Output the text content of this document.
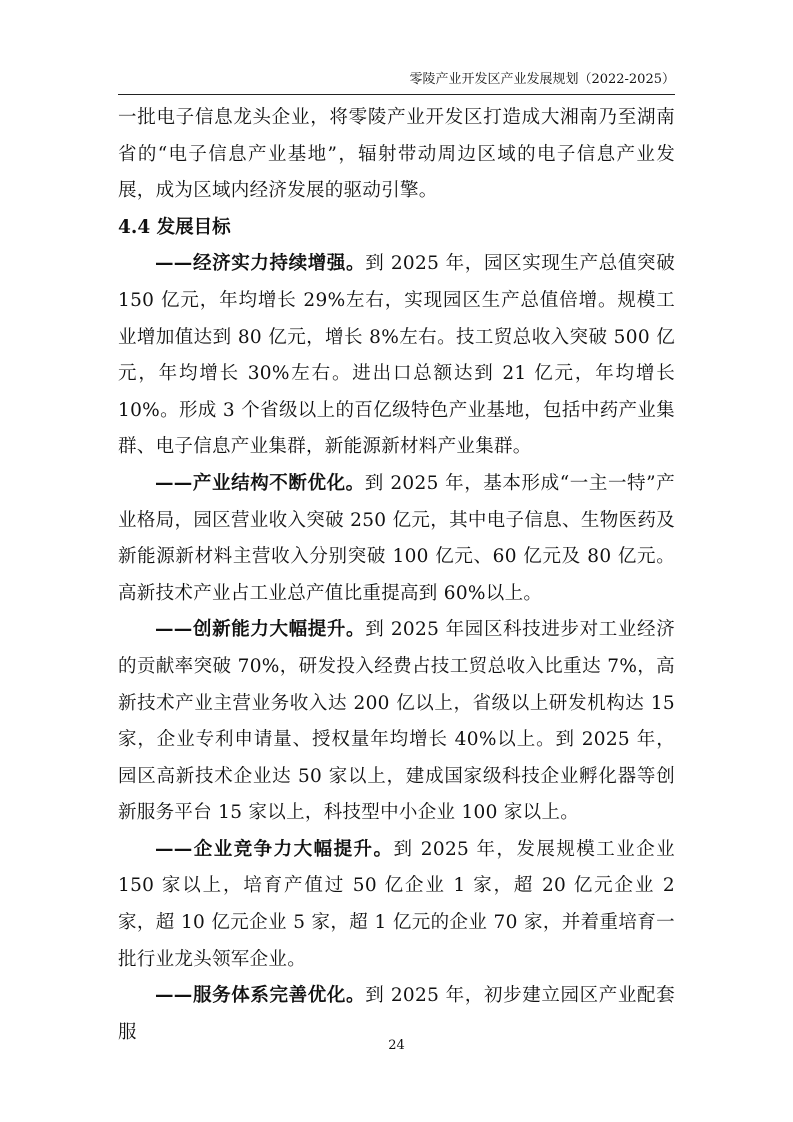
零陵产业开发区产业发展规划（2022-2025）

一批电子信息龙头企业，将零陵产业开发区打造成大湘南乃至湖南省的“电子信息产业基地”，辐射带动周边区域的电子信息产业发展，成为区域内经济发展的驱动引擎。

4.4 发展目标

——经济实力持续增强。到 2025 年，园区实现生产总值突破 150 亿元，年均增长 29%左右，实现园区生产总值倍增。规模工业增加值达到 80 亿元，增长 8%左右。技工贸总收入突破 500 亿元，年均增长 30%左右。进出口总额达到 21 亿元，年均增长 10%。形成 3 个省级以上的百亿级特色产业基地，包括中药产业集群、电子信息产业集群，新能源新材料产业集群。

——产业结构不断优化。到 2025 年，基本形成“一主一特”产业格局，园区营业收入突破 250 亿元，其中电子信息、生物医药及新能源新材料主营收入分别突破 100 亿元、60 亿元及 80 亿元。高新技术产业占工业总产值比重提高到 60%以上。

——创新能力大幅提升。到 2025 年园区科技进步对工业经济的贡献率突破 70%，研发投入经费占技工贸总收入比重达 7%，高新技术产业主营业务收入达 200 亿以上，省级以上研发机构达 15 家，企业专利申请量、授权量年均增长 40%以上。到 2025 年，园区高新技术企业达 50 家以上，建成国家级科技企业孵化器等创新服务平台 15 家以上，科技型中小企业 100 家以上。

——企业竞争力大幅提升。到 2025 年，发展规模工业企业 150 家以上，培育产值过 50 亿企业 1 家，超 20 亿元企业 2 家，超 10 亿元企业 5 家，超 1 亿元的企业 70 家，并着重培育一批行业龙头领军企业。

——服务体系完善优化。到 2025 年，初步建立园区产业配套服

24
